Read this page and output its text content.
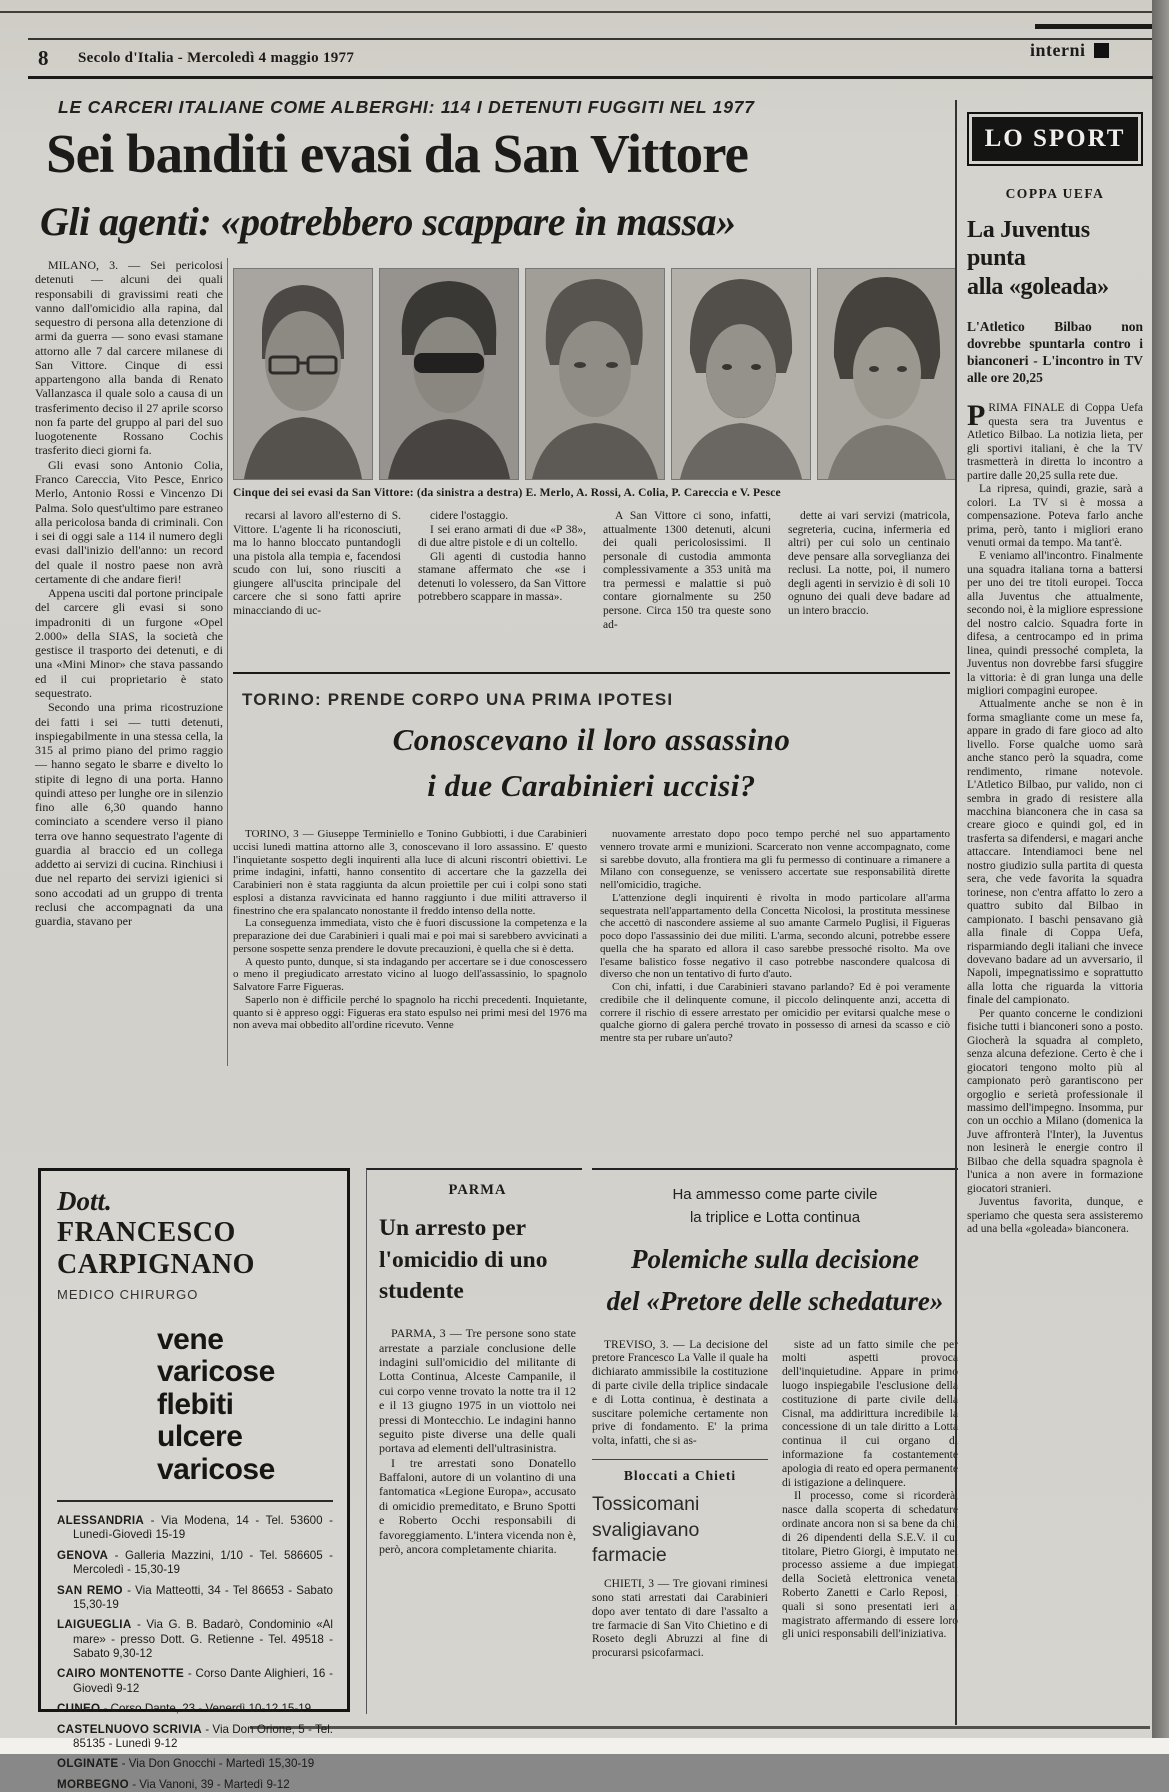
8 Secolo d'Italia - Mercoledì 4 maggio 1977	interni
LE CARCERI ITALIANE COME ALBERGHI: 114 I DETENUTI FUGGITI NEL 1977
Sei banditi evasi da San Vittore
Gli agenti: «potrebbero scappare in massa»

MILANO, 3. — Sei pericolosi detenuti — alcuni dei quali responsabili di gravissimi reati che vanno dall'omicidio alla rapina, dal sequestro di persona alla detenzione di armi da guerra — sono evasi stamane attorno alle 7 dal carcere milanese di San Vittore. Cinque di essi appartengono alla banda di Renato Vallanzasca il quale solo a causa di un trasferimento deciso il 27 aprile scorso non fa parte del gruppo al pari del suo luogotenente Rossano Cochis trasferito dieci giorni fa.

Gli evasi sono Antonio Colia, Franco Careccia, Vito Pesce, Enrico Merlo, Antonio Rossi e Vincenzo Di Palma. Solo quest'ultimo pare estraneo alla pericolosa banda di criminali. Con i sei di oggi sale a 114 il numero degli evasi dall'inizio dell'anno: un record del quale il nostro paese non avrà certamente di che andare fieri!

Appena usciti dal portone principale del carcere gli evasi si sono impadroniti di un furgone «Opel 2.000» della SIAS, la società che gestisce il trasporto dei detenuti, e di una «Mini Minor» che stava passando ed il cui proprietario è stato sequestrato.

Secondo una prima ricostruzione dei fatti i sei — tutti detenuti, inspiegabilmente in una stessa cella, la 315 al primo piano del primo raggio — hanno segato le sbarre e divelto lo stipite di legno di una porta. Hanno quindi atteso per lunghe ore in silenzio fino alle 6,30 quando hanno cominciato a scendere verso il piano terra ove hanno sequestrato l'agente di guardia al braccio ed un collega addetto ai servizi di cucina. Rinchiusi i due nel reparto dei servizi igienici si sono accodati ad un gruppo di trenta reclusi che accompagnati da una guardia, stavano per

Cinque dei sei evasi da San Vittore: (da sinistra a destra) E. Merlo, A. Rossi, A. Colia, P. Careccia e V. Pesce

recarsi al lavoro all'esterno di S. Vittore. L'agente li ha riconosciuti, ma lo hanno bloccato puntandogli una pistola alla tempia e, facendosi scudo con lui, sono riusciti a giungere all'uscita principale del carcere che si sono fatti aprire minacciando di uc-

cidere l'ostaggio.

I sei erano armati di due «P 38», di due altre pistole e di un coltello.

Gli agenti di custodia hanno stamane affermato che «se i detenuti lo volessero, da San Vittore potrebbero scappare in massa».

A San Vittore ci sono, infatti, attualmente 1300 detenuti, alcuni dei quali pericolosissimi. Il personale di custodia ammonta complessivamente a 353 unità ma tra permessi e malattie si può contare giornalmente su 250 persone. Circa 150 tra queste sono ad-

dette ai vari servizi (matricola, segreteria, cucina, infermeria ed altri) per cui solo un centinaio deve pensare alla sorveglianza dei reclusi. La notte, poi, il numero degli agenti in servizio è di soli 10 ognuno dei quali deve badare ad un intero braccio.

TORINO: PRENDE CORPO UNA PRIMA IPOTESI
Conoscevano il loro assassino
i due Carabinieri uccisi?

TORINO, 3 — Giuseppe Terminiello e Tonino Gubbiotti, i due Carabinieri uccisi lunedì mattina attorno alle 3, conoscevano il loro assassino. E' questo l'inquietante sospetto degli inquirenti alla luce di alcuni riscontri obiettivi. Le prime indagini, infatti, hanno consentito di accertare che la gazzella dei Carabinieri non è stata raggiunta da alcun proiettile per cui i colpi sono stati esplosi a distanza ravvicinata ed hanno raggiunto i due militi attraverso il finestrino che era spalancato nonostante il freddo intenso della notte.

La conseguenza immediata, visto che è fuori discussione la competenza e la preparazione dei due Carabinieri i quali mai e poi mai si sarebbero avvicinati a persone sospette senza prendere le dovute precauzioni, è quella che si è detta.

A questo punto, dunque, si sta indagando per accertare se i due conoscessero o meno il pregiudicato arrestato vicino al luogo dell'assassinio, lo spagnolo Salvatore Farre Figueras.

Saperlo non è difficile perché lo spagnolo ha ricchi precedenti. Inquietante, quanto si è appreso oggi: Figueras era stato espulso nei primi mesi del 1976 ma non aveva mai obbedito all'ordine ricevuto. Venne

nuovamente arrestato dopo poco tempo perché nel suo appartamento vennero trovate armi e munizioni. Scarcerato non venne accompagnato, come si sarebbe dovuto, alla frontiera ma gli fu permesso di continuare a rimanere a Milano con conseguenze, se venissero accertate sue responsabilità dirette nell'omicidio, tragiche.

L'attenzione degli inquirenti è rivolta in modo particolare all'arma sequestrata nell'appartamento della Concetta Nicolosi, la prostituta messinese che accettò di nascondere assieme al suo amante Carmelo Puglisi, il Figueras poco dopo l'assassinio dei due militi. L'arma, secondo alcuni, potrebbe essere quella che ha sparato ed allora il caso sarebbe pressoché risolto. Ma ove l'esame balistico fosse negativo il caso potrebbe nascondere qualcosa di diverso che non un tentativo di furto d'auto.

Con chi, infatti, i due Carabinieri stavano parlando? Ed è poi veramente credibile che il delinquente comune, il piccolo delinquente anzi, accetta di correre il rischio di essere arrestato per omicidio per evitarsi qualche mese o qualche giorno di galera perché trovato in possesso di arnesi da scasso e ciò mentre sta per rubare un'auto?

Dott.
FRANCESCO
CARPIGNANO
MEDICO CHIRURGO

vene varicose

flebiti

ulcere varicose

ALESSANDRIA - Via Modena, 14 - Tel. 53600 - Lunedì-Giovedì 15-19

GENOVA - Galleria Mazzini, 1/10 - Tel. 586605 - Mercoledì - 15,30-19

SAN REMO - Via Matteotti, 34 - Tel 86653 - Sabato 15,30-19

LAIGUEGLIA - Via G. B. Badarò, Condominio «Al mare» - presso Dott. G. Retienne - Tel. 49518 - Sabato 9,30-12

CAIRO MONTENOTTE - Corso Dante Alighieri, 16 - Giovedì 9-12

CUNEO - Corso Dante, 23 - Venerdì 10-12 15-19

CASTELNUOVO SCRIVIA - Via Don Orione, 5 - Tel. 85135 - Lunedì 9-12

OLGINATE - Via Don Gnocchi - Martedì 15,30-19

MORBEGNO - Via Vanoni, 39 - Martedì 9-12

PARMA
Un arresto per l'omicidio di uno studente

PARMA, 3 — Tre persone sono state arrestate a parziale conclusione delle indagini sull'omicidio del militante di Lotta Continua, Alceste Campanile, il cui corpo venne trovato la notte tra il 12 e il 13 giugno 1975 in un viottolo nei pressi di Montecchio. Le indagini hanno seguito piste diverse una delle quali portava ad elementi dell'ultrasinistra.

I tre arrestati sono Donatello Baffaloni, autore di un volantino di una fantomatica «Legione Europa», accusato di omicidio premeditato, e Bruno Spotti e Roberto Occhi responsabili di favoreggiamento. L'intera vicenda non è, però, ancora completamente chiarita.

Ha ammesso come parte civile
la triplice e Lotta continua
Polemiche sulla decisione
del «Pretore delle schedature»

TREVISO, 3. — La decisione del pretore Francesco La Valle il quale ha dichiarato ammissibile la costituzione di parte civile della triplice sindacale e di Lotta continua, è destinata a suscitare polemiche certamente non prive di fondamento. E' la prima volta, infatti, che si as-

Bloccati a Chieti
Tossicomani svaligiavano farmacie

CHIETI, 3 — Tre giovani riminesi sono stati arrestati dai Carabinieri dopo aver tentato di dare l'assalto a tre farmacie di San Vito Chietino e di Roseto degli Abruzzi al fine di procurarsi psicofarmaci.

siste ad un fatto simile che per molti aspetti provoca dell'inquietudine. Appare in primo luogo inspiegabile l'esclusione della costituzione di parte civile della Cisnal, ma addirittura incredibile la concessione di un tale diritto a Lotta continua il cui organo di informazione fa costantemente apologia di reato ed opera permanente di istigazione a delinquere.

Il processo, come si ricorderà, nasce dalla scoperta di schedature ordinate ancora non si sa bene da chi, di 26 dipendenti della S.E.V. il cui titolare, Pietro Giorgi, è imputato nel processo assieme a due impiegati della Società elettronica veneta, Roberto Zanetti e Carlo Reposi, i quali si sono presentati ieri al magistrato affermando di essere loro gli unici responsabili dell'iniziativa.

LO SPORT
COPPA UEFA

La Juventus

punta

alla «goleada»

L'Atletico Bilbao non dovrebbe spuntarla contro i bianconeri - L'incontro in TV alle ore 20,25

PRIMA FINALE di Coppa Uefa questa sera tra Juventus e Atletico Bilbao. La notizia lieta, per gli sportivi italiani, è che la TV trasmetterà in diretta lo incontro a partire dalle 20,25 sulla rete due.

La ripresa, quindi, grazie, sarà a colori. La TV si è mossa a compensazione. Poteva farlo anche prima, però, tanto i migliori erano venuti ormai da tempo. Ma tant'è.

E veniamo all'incontro. Finalmente una squadra italiana torna a battersi per uno dei tre titoli europei. Tocca alla Juventus che attualmente, secondo noi, è la migliore espressione del nostro calcio. Squadra forte in difesa, a centrocampo ed in prima linea, quindi pressoché completa, la Juventus non dovrebbe farsi sfuggire la vittoria: è di gran lunga una delle migliori compagini europee.

Attualmente anche se non è in forma smagliante come un mese fa, appare in grado di fare gioco ad alto livello. Forse qualche uomo sarà anche stanco però la squadra, come rendimento, rimane notevole. L'Atletico Bilbao, pur valido, non ci sembra in grado di resistere alla macchina bianconera che in casa sa creare gioco e quindi gol, ed in trasferta sa difendersi, e magari anche attaccare. Intendiamoci bene nel nostro giudizio sulla partita di questa sera, che vede favorita la squadra torinese, non c'entra affatto lo zero a quattro subito dal Bilbao in campionato. I baschi pensavano già alla finale di Coppa Uefa, risparmiando degli italiani che invece dovevano badare ad un avversario, il Napoli, impegnatissimo e soprattutto alla lotta che riguarda la vittoria finale del campionato.

Per quanto concerne le condizioni fisiche tutti i bianconeri sono a posto. Giocherà la squadra al completo, senza alcuna defezione. Certo è che i giocatori tengono molto più al campionato però garantiscono per orgoglio e serietà professionale il massimo dell'impegno. Insomma, pur con un occhio a Milano (domenica la Juve affronterà l'Inter), la Juventus non lesinerà le energie contro il Bilbao che della squadra spagnola è l'unica a non avere in formazione giocatori stranieri.

Juventus favorita, dunque, e speriamo che questa sera assisteremo ad una bella «goleada» bianconera.
